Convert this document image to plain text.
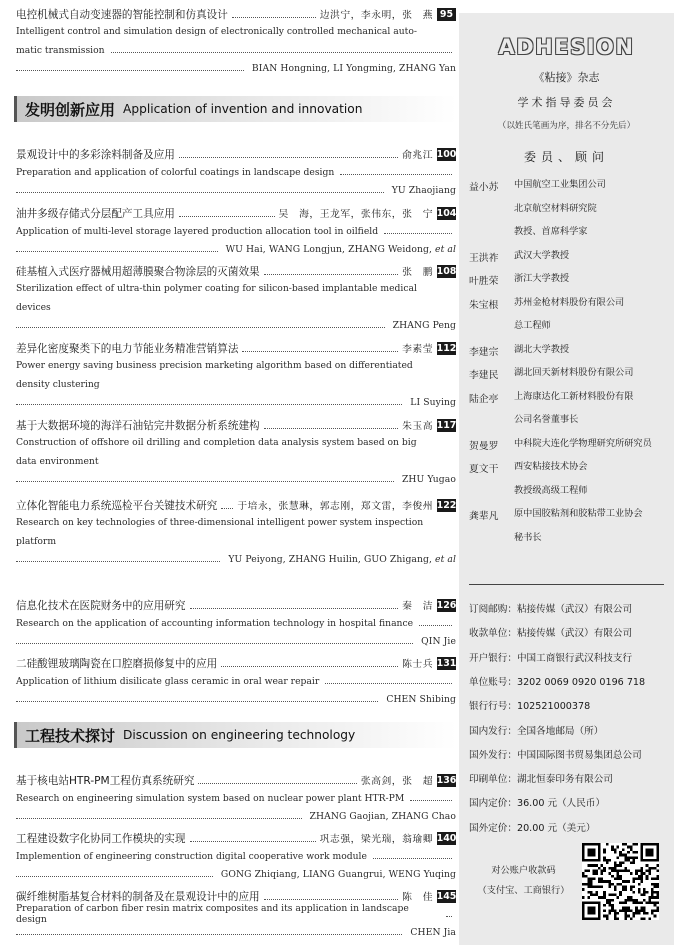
电控机械式自动变速器的智能控制和仿真设计	边洪宁，李永明，张　燕 95
Intelligent control and simulation design of electronically controlled mechanical auto-
matic transmission
BIAN Hongning, LI Yongming, ZHANG Yan
发明创新应用 Application of invention and innovation
景观设计中的多彩涂料制备及应用	俞兆江 100
Preparation and application of colorful coatings in landscape design
YU Zhaojiang
油井多级存储式分层配产工具应用	吴　海，王龙军，张伟东，张　宁 104
Application of multi-level storage layered production allocation tool in oilfield
WU Hai, WANG Longjun, ZHANG Weidong, et al
硅基植入式医疗器械用超薄膜聚合物涂层的灭菌效果	张　鹏 108
Sterilization effect of ultra-thin polymer coating for silicon-based implantable medical
devices
ZHANG Peng
差异化密度聚类下的电力节能业务精准营销算法	李素莹 112
Power energy saving business precision marketing algorithm based on differentiated
density clustering
LI Suying
基于大数据环境的海洋石油钻完井数据分析系统建构	朱玉高 117
Construction of offshore oil drilling and completion data analysis system based on big
data environment
ZHU Yugao
立体化智能电力系统巡检平台关键技术研究 于培永，张慧琳，郭志刚，郑文雷，李俊州 122
Research on key technologies of three-dimensional intelligent power system inspection
platform
YU Peiyong, ZHANG Huilin, GUO Zhigang, et al
信息化技术在医院财务中的应用研究	秦　洁 126
Research on the application of accounting information technology in hospital finance
QIN Jie
二硅酸锂玻璃陶瓷在口腔磨损修复中的应用	陈士兵 131
Application of lithium disilicate glass ceramic in oral wear repair
CHEN Shibing
工程技术探讨 Discussion on engineering technology
基于核电站HTR-PM工程仿真系统研究	张高剑，张　超 136
Research on engineering simulation system based on nuclear power plant HTR-PM
ZHANG Gaojian, ZHANG Chao
工程建设数字化协同工作模块的实现	巩志强，梁光瑞，翁瑜卿 140
Implemention of engineering construction digital cooperative work module
GONG Zhiqiang, LIANG Guangrui, WENG Yuqing
碳纤维树脂基复合材料的制备及在景观设计中的应用	陈　佳 145
Preparation of carbon fiber resin matrix composites and its application in landscape design
CHEN Jia
ADHESION
《粘接》杂志
学术指导委员会
（以姓氏笔画为序，排名不分先后）
委员、顾问
益小苏	中国航空工业集团公司
北京航空材料研究院
教授、首席科学家
王洪祚	武汉大学教授
叶胜荣	浙江大学教授
朱宝根	苏州金枪材料股份有限公司
总工程师
李建宗	湖北大学教授
李建民	湖北回天新材料股份有限公司
陆企亭	上海康达化工新材料股份有限
公司名誉董事长
贺曼罗	中科院大连化学物理研究所研究员
夏文干	西安粘接技术协会
教授级高级工程师
龚辈凡	原中国胶粘剂和胶粘带工业协会
秘书长
订阅邮购：粘接传媒（武汉）有限公司
收款单位：粘接传媒（武汉）有限公司
开户银行：中国工商银行武汉科技支行
单位账号：3202 0069 0920 0196 718
银行行号：102521000378
国内发行：全国各地邮局（所）
国外发行：中国国际图书贸易集团总公司
印刷单位：湖北恒泰印务有限公司
国内定价：36.00 元（人民币）
国外定价：20.00 元（美元）
对公账户收款码
（支付宝、工商银行）
